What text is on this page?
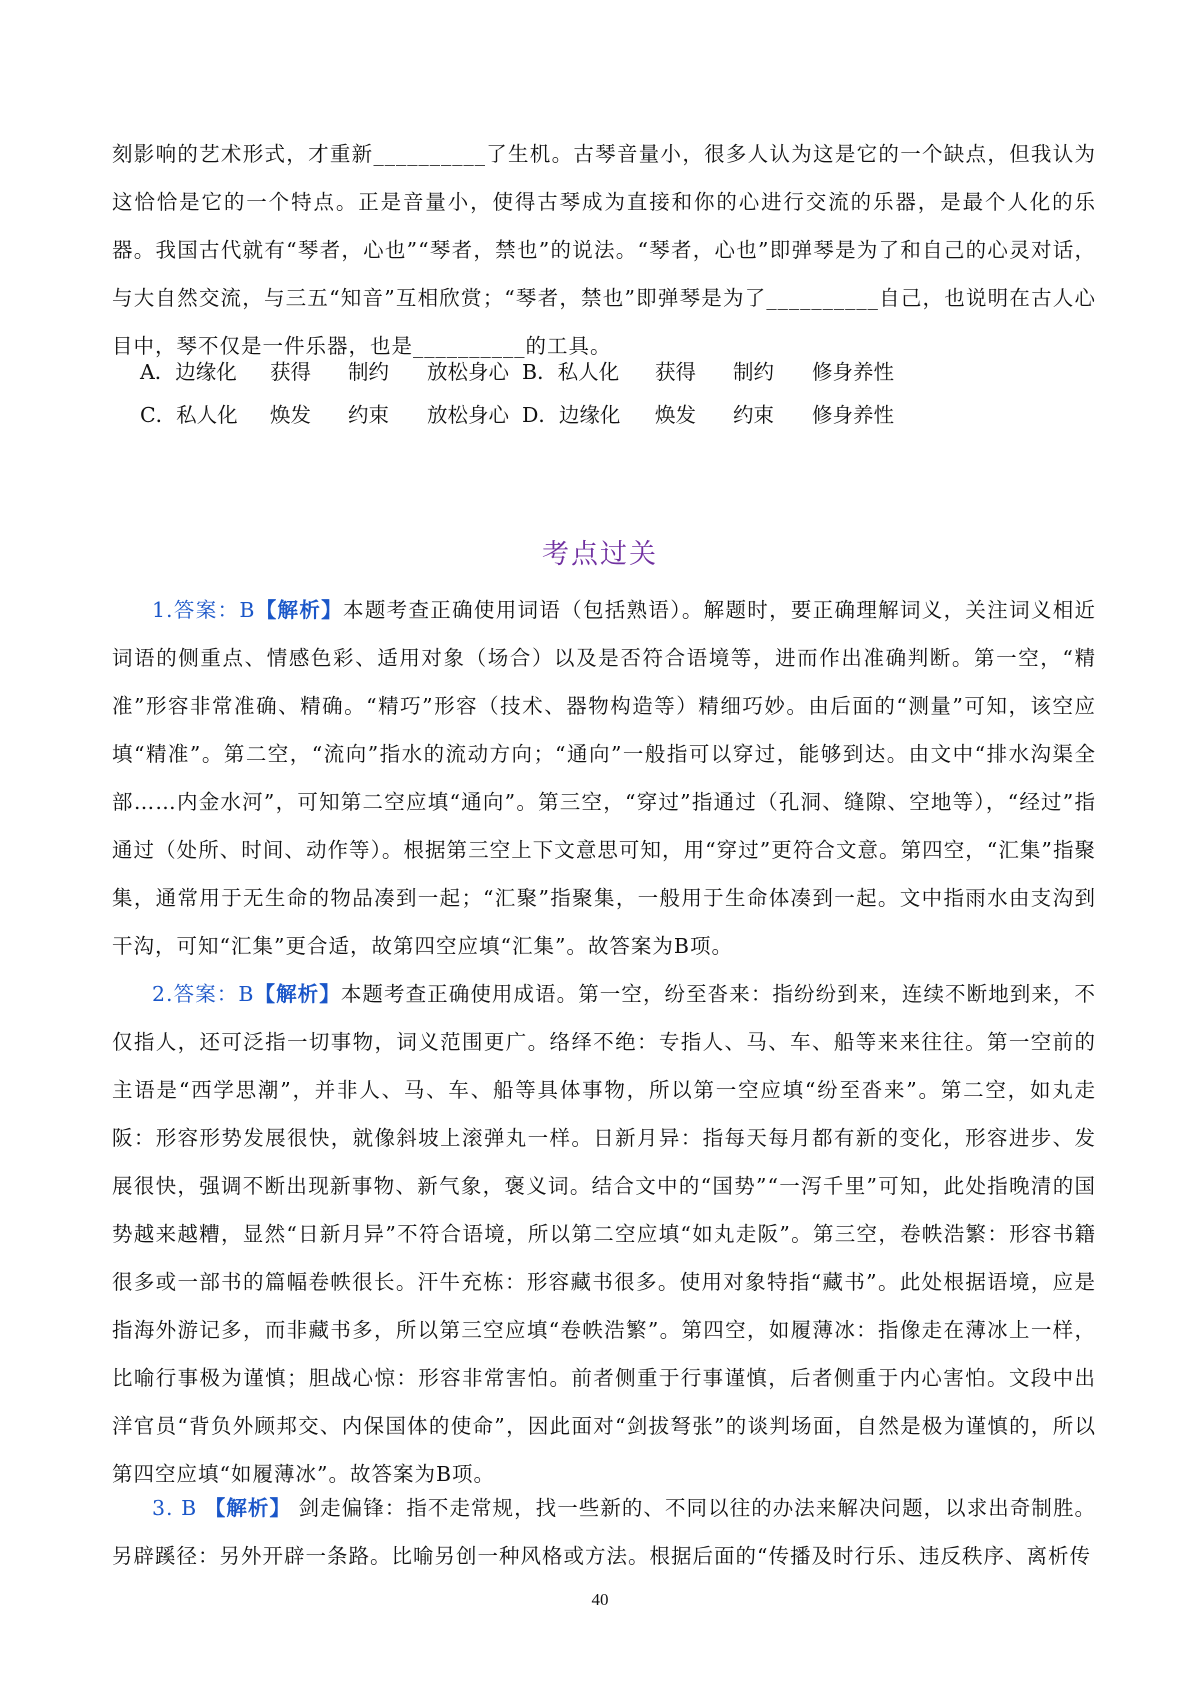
刻影响的艺术形式，才重新__________了生机。古琴音量小，很多人认为这是它的一个缺点，但我认为这恰恰是它的一个特点。正是音量小，使得古琴成为直接和你的心进行交流的乐器，是最个人化的乐器。我国古代就有“琴者，心也”“琴者，禁也”的说法。“琴者，心也”即弹琴是为了和自己的心灵对话，与大自然交流，与三五“知音”互相欣赏；“琴者，禁也”即弹琴是为了__________自己，也说明在古人心目中，琴不仅是一件乐器，也是__________的工具。
A．边缘化 获得 制约 放松身心 B．私人化 获得 制约 修身养性
C．私人化 焕发 约束 放松身心 D．边缘化 焕发 约束 修身养性
考点过关
1.答案：B【解析】本题考查正确使用词语（包括熟语）。解题时，要正确理解词义，关注词义相近词语的侧重点、情感色彩、适用对象（场合）以及是否符合语境等，进而作出准确判断。第一空，“精准”形容非常准确、精确。“精巧”形容（技术、器物构造等）精细巧妙。由后面的“测量”可知，该空应填“精准”。第二空，“流向”指水的流动方向；“通向”一般指可以穿过，能够到达。由文中“排水沟渠全部……内金水河”，可知第二空应填“通向”。第三空，“穿过”指通过（孔洞、缝隙、空地等），“经过”指通过（处所、时间、动作等）。根据第三空上下文意思可知，用“穿过”更符合文意。第四空，“汇集”指聚集，通常用于无生命的物品凑到一起；“汇聚”指聚集，一般用于生命体凑到一起。文中指雨水由支沟到干沟，可知“汇集”更合适，故第四空应填“汇集”。故答案为B项。
2.答案：B【解析】本题考查正确使用成语。第一空，纷至沓来：指纷纷到来，连续不断地到来，不仅指人，还可泛指一切事物，词义范围更广。络绎不绝：专指人、马、车、船等来来往往。第一空前的主语是“西学思潮”，并非人、马、车、船等具体事物，所以第一空应填“纷至沓来”。第二空，如丸走阪：形容形势发展很快，就像斜坡上滚弹丸一样。日新月异：指每天每月都有新的变化，形容进步、发展很快，强调不断出现新事物、新气象，褒义词。结合文中的“国势”“一泻千里”可知，此处指晚清的国势越来越糟，显然“日新月异”不符合语境，所以第二空应填“如丸走阪”。第三空，卷帙浩繁：形容书籍很多或一部书的篇幅卷帙很长。汗牛充栋：形容藏书很多。使用对象特指“藏书”。此处根据语境，应是指海外游记多，而非藏书多，所以第三空应填“卷帙浩繁”。第四空，如履薄冰：指像走在薄冰上一样，比喻行事极为谨慎；胆战心惊：形容非常害怕。前者侧重于行事谨慎，后者侧重于内心害怕。文段中出洋官员“背负外顾邦交、内保国体的使命”，因此面对“剑拔弩张”的谈判场面，自然是极为谨慎的，所以第四空应填“如履薄冰”。故答案为B项。
3. B 【解析】 剑走偏锋：指不走常规，找一些新的、不同以往的办法来解决问题，以求出奇制胜。另辟蹊径：另外开辟一条路。比喻另创一种风格或方法。根据后面的“传播及时行乐、违反秩序、离析传
40
